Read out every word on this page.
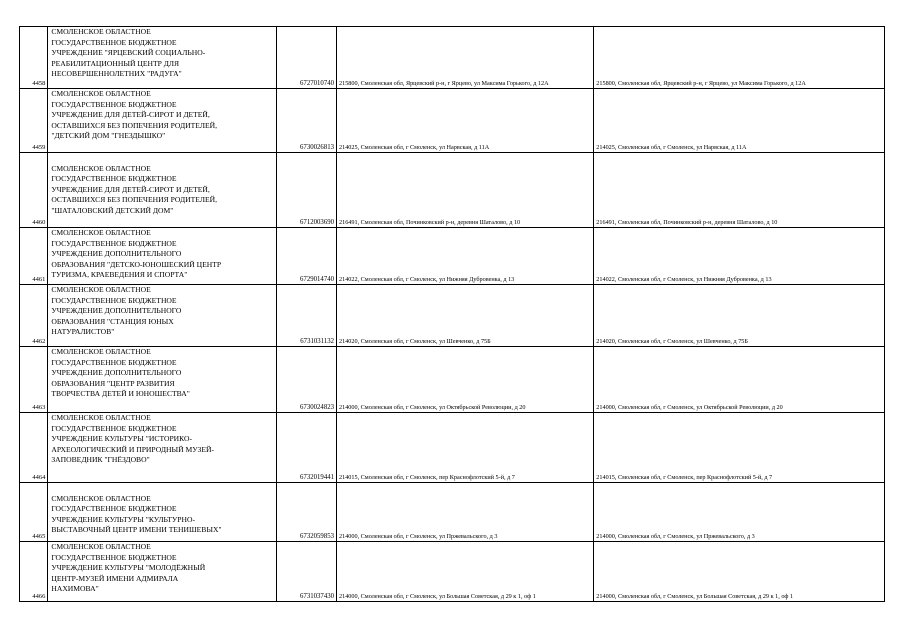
4458	СМОЛЕНСКОЕ ОБЛАСТНОЕ
ГОСУДАРСТВЕННОЕ БЮДЖЕТНОЕ
УЧРЕЖДЕНИЕ "ЯРЦЕВСКИЙ СОЦИАЛЬНО-
РЕАБИЛИТАЦИОННЫЙ ЦЕНТР ДЛЯ
НЕСОВЕРШЕННОЛЕТНИХ "РАДУГА"	6727010740	215800, Смоленская обл, Ярцевский р-н, г Ярцево, ул Максима Горького, д 12А	215800, Смоленская обл, Ярцевский р-н, г Ярцево, ул Максима Горького, д 12А
4459	СМОЛЕНСКОЕ ОБЛАСТНОЕ
ГОСУДАРСТВЕННОЕ БЮДЖЕТНОЕ
УЧРЕЖДЕНИЕ ДЛЯ ДЕТЕЙ-СИРОТ И ДЕТЕЙ,
ОСТАВШИХСЯ БЕЗ ПОПЕЧЕНИЯ РОДИТЕЛЕЙ,
"ДЕТСКИЙ ДОМ "ГНЕЗДЫШКО"	6730026813	214025, Смоленская обл, г Смоленск, ул Нарвская, д 11А	214025, Смоленская обл, г Смоленск, ул Нарвская, д 11А
4460	
СМОЛЕНСКОЕ ОБЛАСТНОЕ
ГОСУДАРСТВЕННОЕ БЮДЖЕТНОЕ
УЧРЕЖДЕНИЕ ДЛЯ ДЕТЕЙ-СИРОТ И ДЕТЕЙ,
ОСТАВШИХСЯ БЕЗ ПОПЕЧЕНИЯ РОДИТЕЛЕЙ,
"ШАТАЛОВСКИЙ ДЕТСКИЙ ДОМ"	6712003690	216491, Смоленская обл, Починковский р-н, деревня Шаталово, д 10	216491, Смоленская обл, Починковский р-н, деревня Шаталово, д 10
4461	СМОЛЕНСКОЕ ОБЛАСТНОЕ
ГОСУДАРСТВЕННОЕ БЮДЖЕТНОЕ
УЧРЕЖДЕНИЕ ДОПОЛНИТЕЛЬНОГО
ОБРАЗОВАНИЯ "ДЕТСКО-ЮНОШЕСКИЙ ЦЕНТР
ТУРИЗМА, КРАЕВЕДЕНИЯ И СПОРТА"	6729014740	214022, Смоленская обл, г Смоленск, ул Нижняя Дубровенка, д 13	214022, Смоленская обл, г Смоленск, ул Нижняя Дубровенка, д 13
4462	СМОЛЕНСКОЕ ОБЛАСТНОЕ
ГОСУДАРСТВЕННОЕ БЮДЖЕТНОЕ
УЧРЕЖДЕНИЕ ДОПОЛНИТЕЛЬНОГО
ОБРАЗОВАНИЯ "СТАНЦИЯ ЮНЫХ
НАТУРАЛИСТОВ"	6731031132	214020, Смоленская обл, г Смоленск, ул Шевченко, д 75Б	214020, Смоленская обл, г Смоленск, ул Шевченко, д 75Б
4463	СМОЛЕНСКОЕ ОБЛАСТНОЕ
ГОСУДАРСТВЕННОЕ БЮДЖЕТНОЕ
УЧРЕЖДЕНИЕ ДОПОЛНИТЕЛЬНОГО
ОБРАЗОВАНИЯ "ЦЕНТР РАЗВИТИЯ
ТВОРЧЕСТВА ДЕТЕЙ И ЮНОШЕСТВА"	6730024823	214000, Смоленская обл, г Смоленск, ул Октябрьской Революции, д 20	214000, Смоленская обл, г Смоленск, ул Октябрьской Революции, д 20
4464	СМОЛЕНСКОЕ ОБЛАСТНОЕ
ГОСУДАРСТВЕННОЕ БЮДЖЕТНОЕ
УЧРЕЖДЕНИЕ КУЛЬТУРЫ "ИСТОРИКО-
АРХЕОЛОГИЧЕСКИЙ И ПРИРОДНЫЙ МУЗЕЙ-
ЗАПОВЕДНИК "ГНЁЗДОВО"	6732019441	214015, Смоленская обл, г Смоленск, пер Краснофлотский 5-й, д 7	214015, Смоленская обл, г Смоленск, пер Краснофлотский 5-й, д 7
4465	
СМОЛЕНСКОЕ ОБЛАСТНОЕ
ГОСУДАРСТВЕННОЕ БЮДЖЕТНОЕ
УЧРЕЖДЕНИЕ КУЛЬТУРЫ "КУЛЬТУРНО-
ВЫСТАВОЧНЫЙ ЦЕНТР ИМЕНИ ТЕНИШЕВЫХ"	6732059853	214000, Смоленская обл, г Смоленск, ул Пржевальского, д 3	214000, Смоленская обл, г Смоленск, ул Пржевальского, д 3
4466	СМОЛЕНСКОЕ ОБЛАСТНОЕ
ГОСУДАРСТВЕННОЕ БЮДЖЕТНОЕ
УЧРЕЖДЕНИЕ КУЛЬТУРЫ "МОЛОДЁЖНЫЙ
ЦЕНТР-МУЗЕЙ ИМЕНИ АДМИРАЛА
НАХИМОВА"	6731037430	214000, Смоленская обл, г Смоленск, ул Большая Советская, д 29 к 1, оф 1	214000, Смоленская обл, г Смоленск, ул Большая Советская, д 29 к 1, оф 1
